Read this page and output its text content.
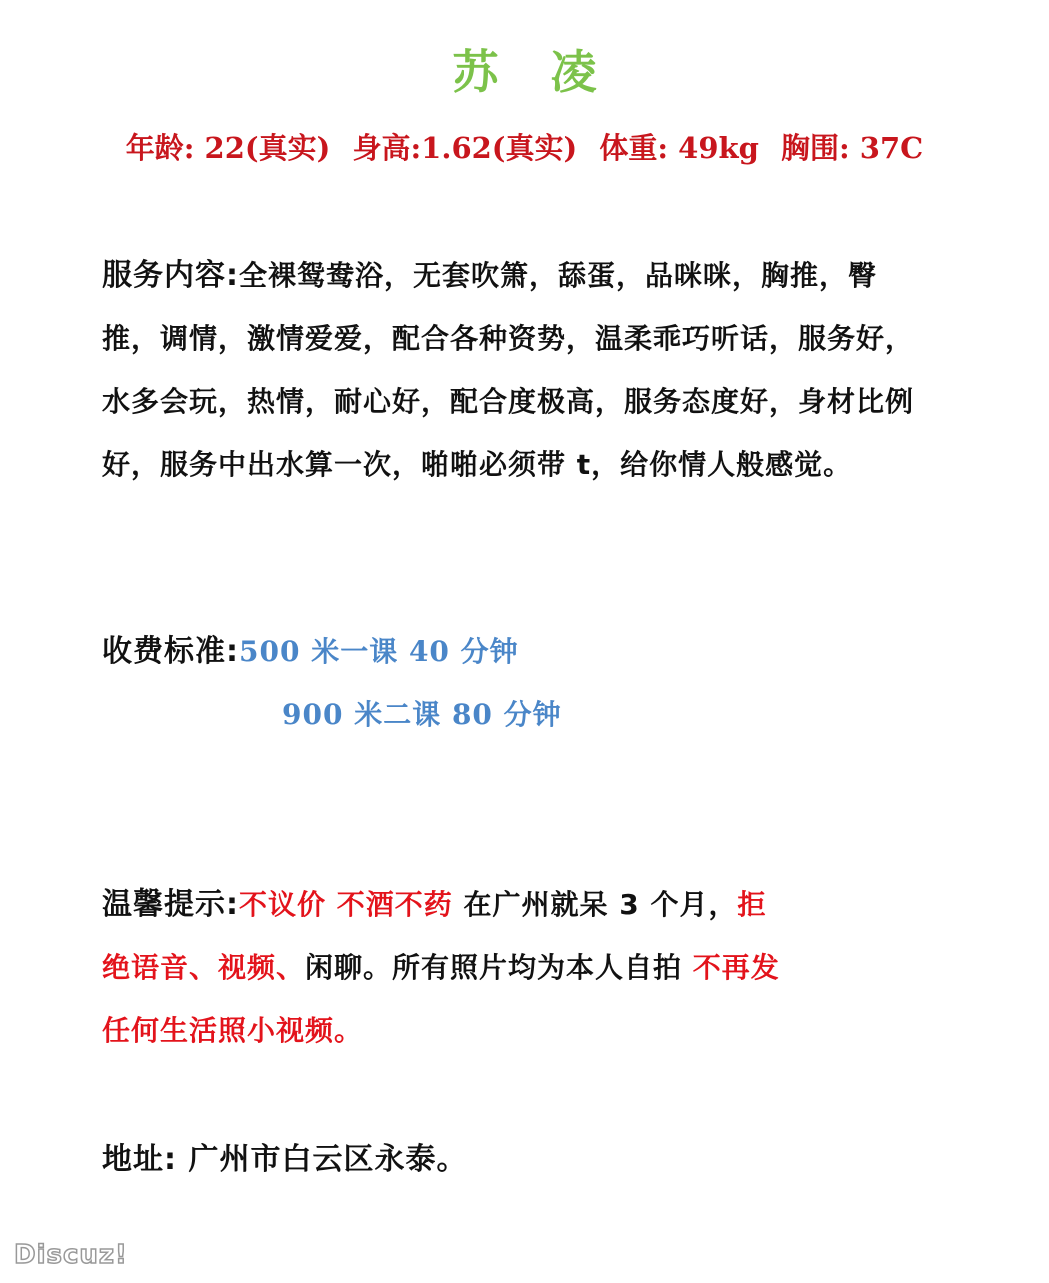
苏凌
年龄: 22(真实) 身高:1.62(真实) 体重: 49kg 胸围: 37C
服务内容:全裸鸳鸯浴，无套吹箫，舔蛋，品咪咪，胸推，臀
推，调情，激情爱爱，配合各种资势，温柔乖巧听话，服务好，
水多会玩，热情，耐心好，配合度极高，服务态度好，身材比例
好，服务中出水算一次，啪啪必须带 t，给你情人般感觉。
收费标准:500 米一课 40 分钟
900 米二课 80 分钟
温馨提示:不议价 不酒不药 在广州就呆 3 个月，拒
绝语音、视频、闲聊。所有照片均为本人自拍 不再发
任何生活照小视频。
地址: 广州市白云区永泰。
Discuz!
